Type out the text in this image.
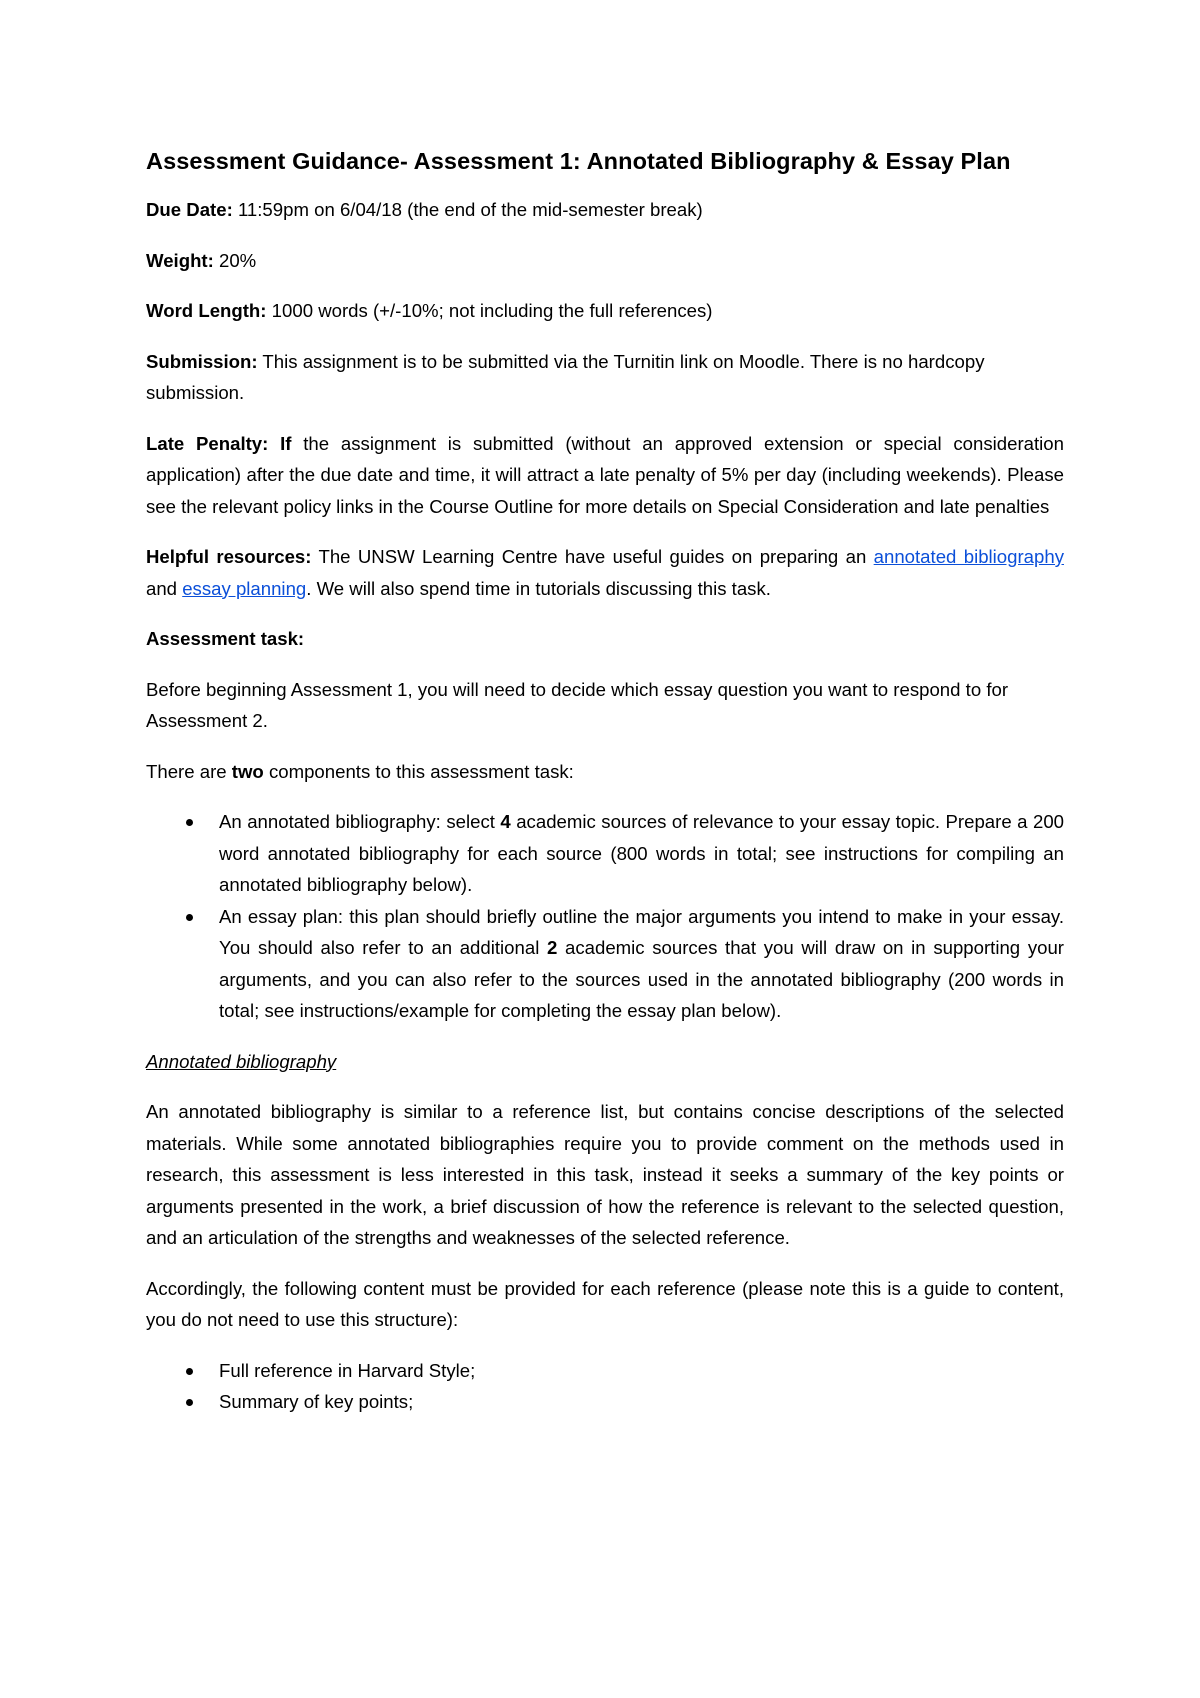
Assessment Guidance- Assessment 1: Annotated Bibliography & Essay Plan

Due Date: 11:59pm on 6/04/18 (the end of the mid-semester break)

Weight: 20%

Word Length: 1000 words (+/-10%; not including the full references)

Submission: This assignment is to be submitted via the Turnitin link on Moodle. There is no hardcopy submission.

Late Penalty: If the assignment is submitted (without an approved extension or special consideration application) after the due date and time, it will attract a late penalty of 5% per day (including weekends). Please see the relevant policy links in the Course Outline for more details on Special Consideration and late penalties

Helpful resources: The UNSW Learning Centre have useful guides on preparing an annotated bibliography and essay planning. We will also spend time in tutorials discussing this task.

Assessment task:

Before beginning Assessment 1, you will need to decide which essay question you want to respond to for Assessment 2.

There are two components to this assessment task:

An annotated bibliography: select 4 academic sources of relevance to your essay topic. Prepare a 200 word annotated bibliography for each source (800 words in total; see instructions for compiling an annotated bibliography below).
An essay plan: this plan should briefly outline the major arguments you intend to make in your essay. You should also refer to an additional 2 academic sources that you will draw on in supporting your arguments, and you can also refer to the sources used in the annotated bibliography (200 words in total; see instructions/example for completing the essay plan below).

Annotated bibliography

An annotated bibliography is similar to a reference list, but contains concise descriptions of the selected materials. While some annotated bibliographies require you to provide comment on the methods used in research, this assessment is less interested in this task, instead it seeks a summary of the key points or arguments presented in the work, a brief discussion of how the reference is relevant to the selected question, and an articulation of the strengths and weaknesses of the selected reference.

Accordingly, the following content must be provided for each reference (please note this is a guide to content, you do not need to use this structure):

Full reference in Harvard Style;
Summary of key points;
